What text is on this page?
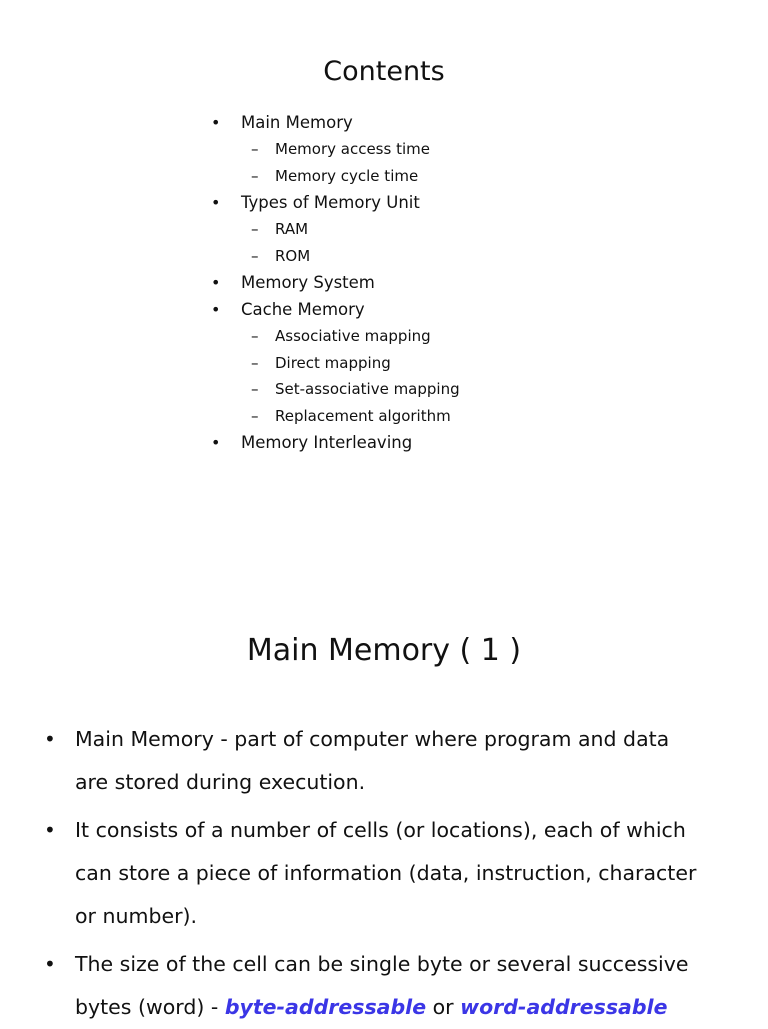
Contents
• Main Memory
– Memory access time
– Memory cycle time
• Types of Memory Unit
– RAM
– ROM
• Memory System
• Cache Memory
– Associative mapping
– Direct mapping
– Set-associative mapping
– Replacement algorithm
• Memory Interleaving
Main Memory ( 1 )
• Main Memory - part of computer where program and data
are stored during execution.
• It consists of a number of cells (or locations), each of which
can store a piece of information (data, instruction, character
or number).
• The size of the cell can be single byte or several successive
bytes (word) - byte-addressable or word-addressable
